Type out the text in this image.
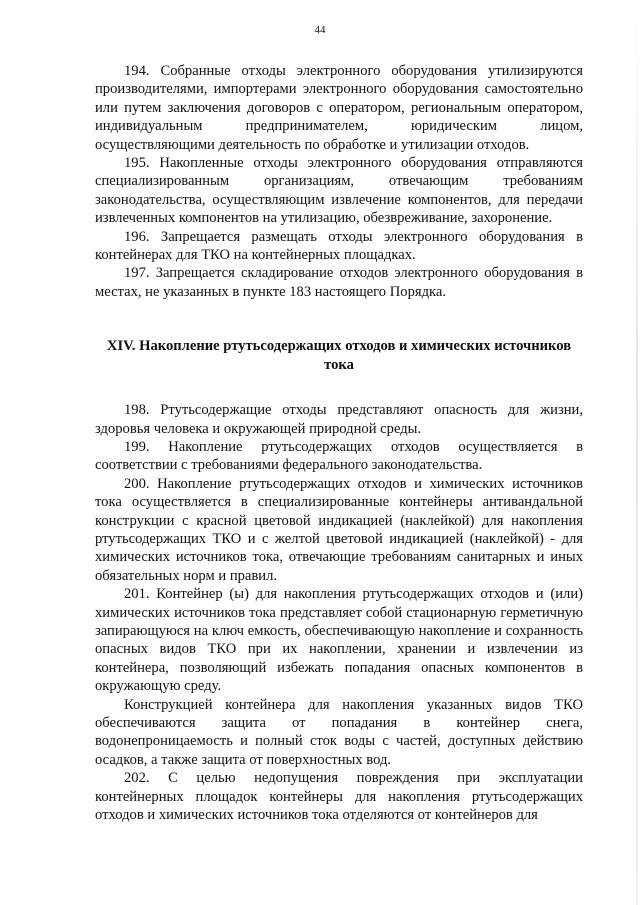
44

194. Собранные отходы электронного оборудования утилизируются производителями, импортерами электронного оборудования самостоятельно или путем заключения договоров с оператором, региональным оператором, индивидуальным предпринимателем, юридическим лицом, осуществляющими деятельность по обработке и утилизации отходов.

195. Накопленные отходы электронного оборудования отправляются специализированным организациям, отвечающим требованиям законодательства, осуществляющим извлечение компонентов, для передачи извлеченных компонентов на утилизацию, обезвреживание, захоронение.

196. Запрещается размещать отходы электронного оборудования в контейнерах для ТКО на контейнерных площадках.

197. Запрещается складирование отходов электронного оборудования в местах, не указанных в пункте 183 настоящего Порядка.

XIV. Накопление ртутьсодержащих отходов и химических источников тока

198. Ртутьсодержащие отходы представляют опасность для жизни, здоровья человека и окружающей природной среды.

199. Накопление ртутьсодержащих отходов осуществляется в соответствии с требованиями федерального законодательства.

200. Накопление ртутьсодержащих отходов и химических источников тока осуществляется в специализированные контейнеры антивандальной конструкции с красной цветовой индикацией (наклейкой) для накопления ртутьсодержащих ТКО и с желтой цветовой индикацией (наклейкой) - для химических источников тока, отвечающие требованиям санитарных и иных обязательных норм и правил.

201. Контейнер (ы) для накопления ртутьсодержащих отходов и (или) химических источников тока представляет собой стационарную герметичную запирающуюся на ключ емкость, обеспечивающую накопление и сохранность опасных видов ТКО при их накоплении, хранении и извлечении из контейнера, позволяющий избежать попадания опасных компонентов в окружающую среду.

Конструкцией контейнера для накопления указанных видов ТКО обеспечиваются защита от попадания в контейнер снега, водонепроницаемость и полный сток воды с частей, доступных действию осадков, а также защита от поверхностных вод.

202. С целью недопущения повреждения при эксплуатации контейнерных площадок контейнеры для накопления ртутьсодержащих отходов и химических источников тока отделяются от контейнеров для
